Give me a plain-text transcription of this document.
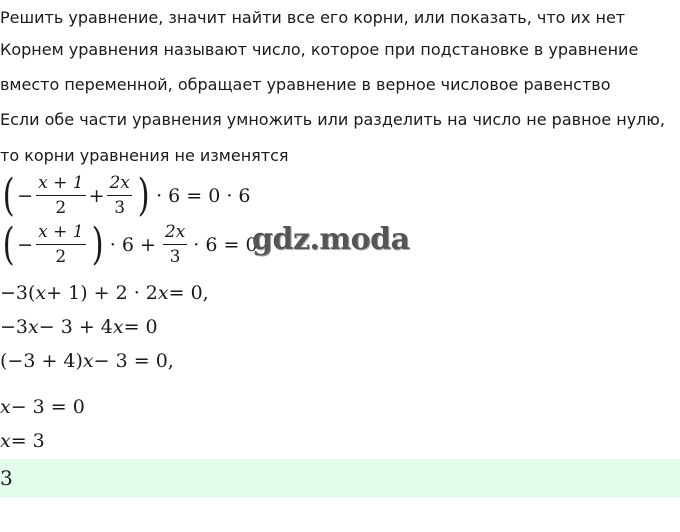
Решить уравнение, значит найти все его корни, или показать, что их нет
Корнем уравнения называют число, которое при подстановке в уравнение
вместо переменной, обращает уравнение в верное числовое равенство
Если обе части уравнения умножить или разделить на число не равное нулю,
то корни уравнения не изменятся
( − $\frac{x + 1}{2} + \frac{2x}{3}$ ) · 6 = 0 · 6
( − $\frac{x + 1}{2}$ ) · $6 + \frac{2x}{3} \cdot 6 = 0$
gdz.moda
−3( x + 1) + 2 · 2 x = 0,
−3 x − 3 + 4 x = 0
(−3 + 4) x − 3 = 0,
x − 3 = 0
x = 3
3
